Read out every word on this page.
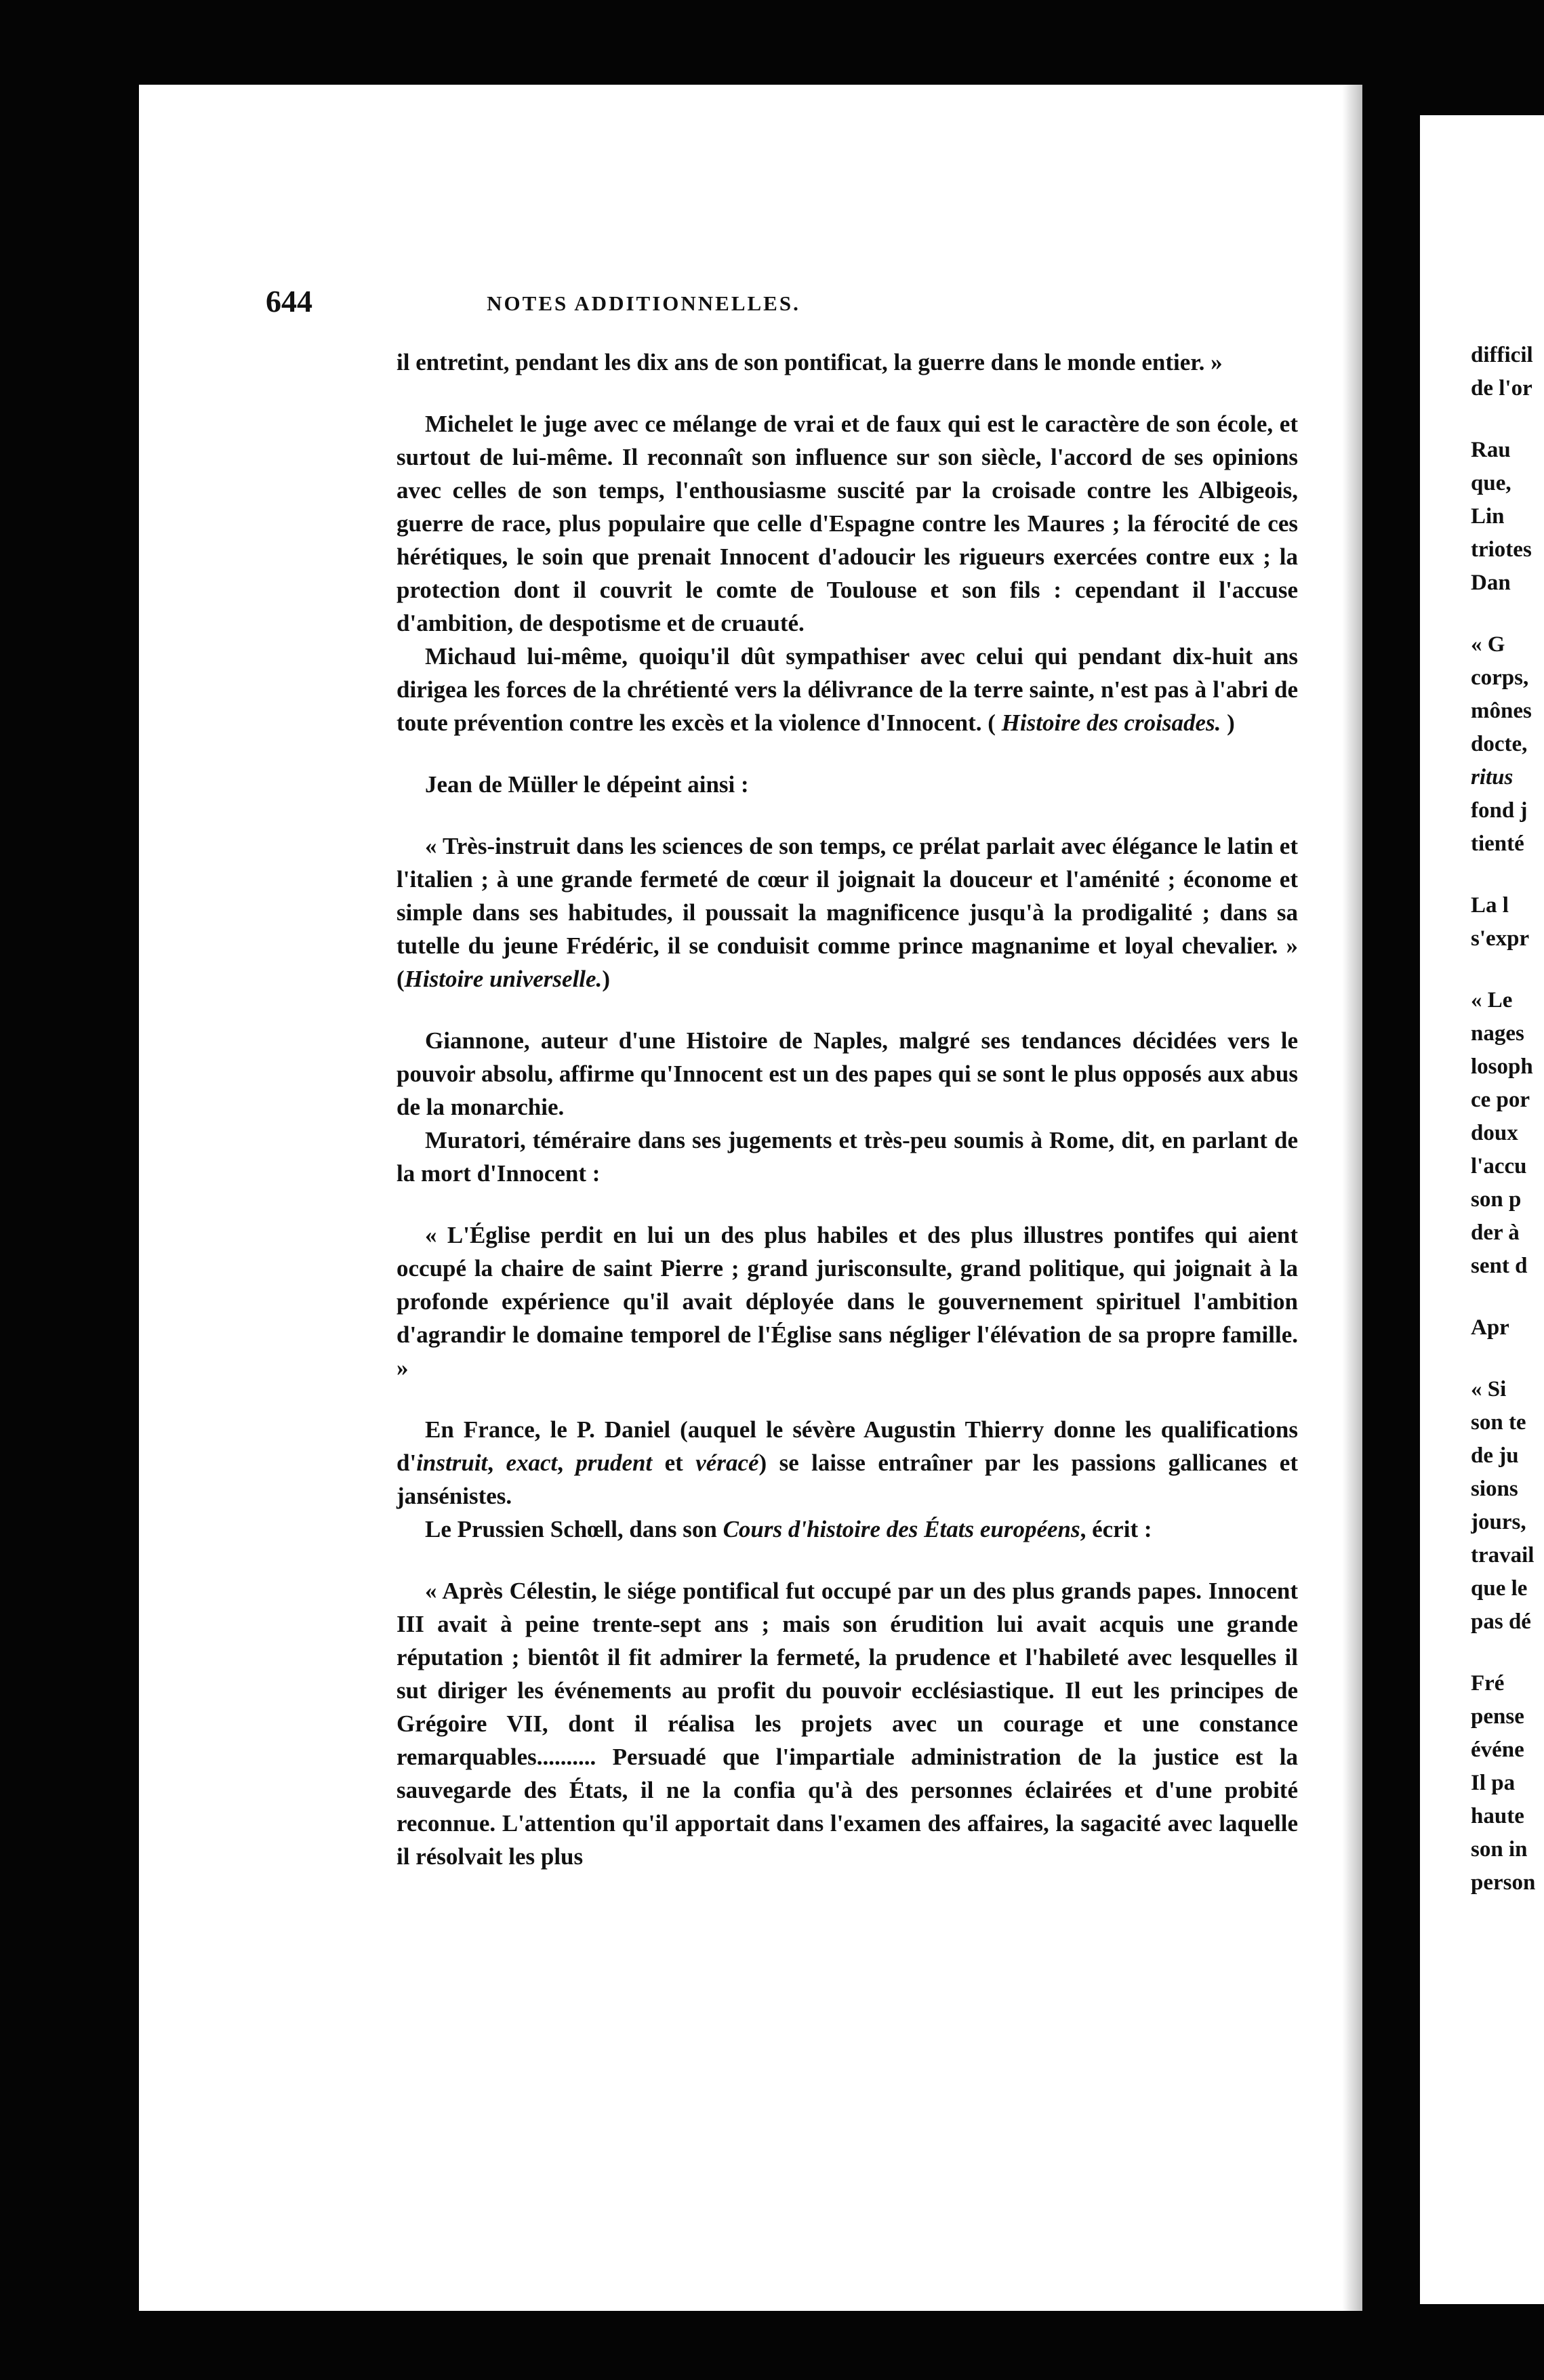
644	NOTES ADDITIONNELLES.

il entretint, pendant les dix ans de son pontificat, la guerre dans le monde entier. »

Michelet le juge avec ce mélange de vrai et de faux qui est le caractère de son école, et surtout de lui-même. Il reconnaît son influence sur son siècle, l'accord de ses opinions avec celles de son temps, l'enthousiasme suscité par la croisade contre les Albigeois, guerre de race, plus populaire que celle d'Espagne contre les Maures ; la férocité de ces hérétiques, le soin que prenait Innocent d'adoucir les rigueurs exercées contre eux ; la protection dont il couvrit le comte de Toulouse et son fils : cependant il l'accuse d'ambition, de despotisme et de cruauté.

Michaud lui-même, quoiqu'il dût sympathiser avec celui qui pendant dix-huit ans dirigea les forces de la chrétienté vers la délivrance de la terre sainte, n'est pas à l'abri de toute prévention contre les excès et la violence d'Innocent. ( Histoire des croisades. )

Jean de Müller le dépeint ainsi :

« Très-instruit dans les sciences de son temps, ce prélat parlait avec élégance le latin et l'italien ; à une grande fermeté de cœur il joignait la douceur et l'aménité ; économe et simple dans ses habitudes, il poussait la magnificence jusqu'à la prodigalité ; dans sa tutelle du jeune Frédéric, il se conduisit comme prince magnanime et loyal chevalier. » (Histoire universelle.)

Giannone, auteur d'une Histoire de Naples, malgré ses tendances décidées vers le pouvoir absolu, affirme qu'Innocent est un des papes qui se sont le plus opposés aux abus de la monarchie.

Muratori, téméraire dans ses jugements et très-peu soumis à Rome, dit, en parlant de la mort d'Innocent :

« L'Église perdit en lui un des plus habiles et des plus illustres pontifes qui aient occupé la chaire de saint Pierre ; grand jurisconsulte, grand politique, qui joignait à la profonde expérience qu'il avait déployée dans le gouvernement spirituel l'ambition d'agrandir le domaine temporel de l'Église sans négliger l'élévation de sa propre famille. »

En France, le P. Daniel (auquel le sévère Augustin Thierry donne les qualifications d'instruit, exact, prudent et véracé) se laisse entraîner par les passions gallicanes et jansénistes.

Le Prussien Schœll, dans son Cours d'histoire des États européens, écrit :

« Après Célestin, le siége pontifical fut occupé par un des plus grands papes. Innocent III avait à peine trente-sept ans ; mais son érudition lui avait acquis une grande réputation ; bientôt il fit admirer la fermeté, la prudence et l'habileté avec lesquelles il sut diriger les événements au profit du pouvoir ecclésiastique. Il eut les principes de Grégoire VII, dont il réalisa les projets avec un courage et une constance remarquables.......... Persuadé que l'impartiale administration de la justice est la sauvegarde des États, il ne la confia qu'à des personnes éclairées et d'une probité reconnue. L'attention qu'il apportait dans l'examen des affaires, la sagacité avec laquelle il résolvait les plus

difficil
de l'or
Rau
que,
Lin
triotes
Dan
« G
corps,
mônes
docte,
ritus
fond j
tienté
La l
s'expr
« Le
nages
losoph
ce por
doux
l'accu
son p
der à
sent d
Apr
« Si
son te
de ju
sions
jours,
travail
que le
pas dé
Fré
pense
événe
Il pa
haute
son in
person
